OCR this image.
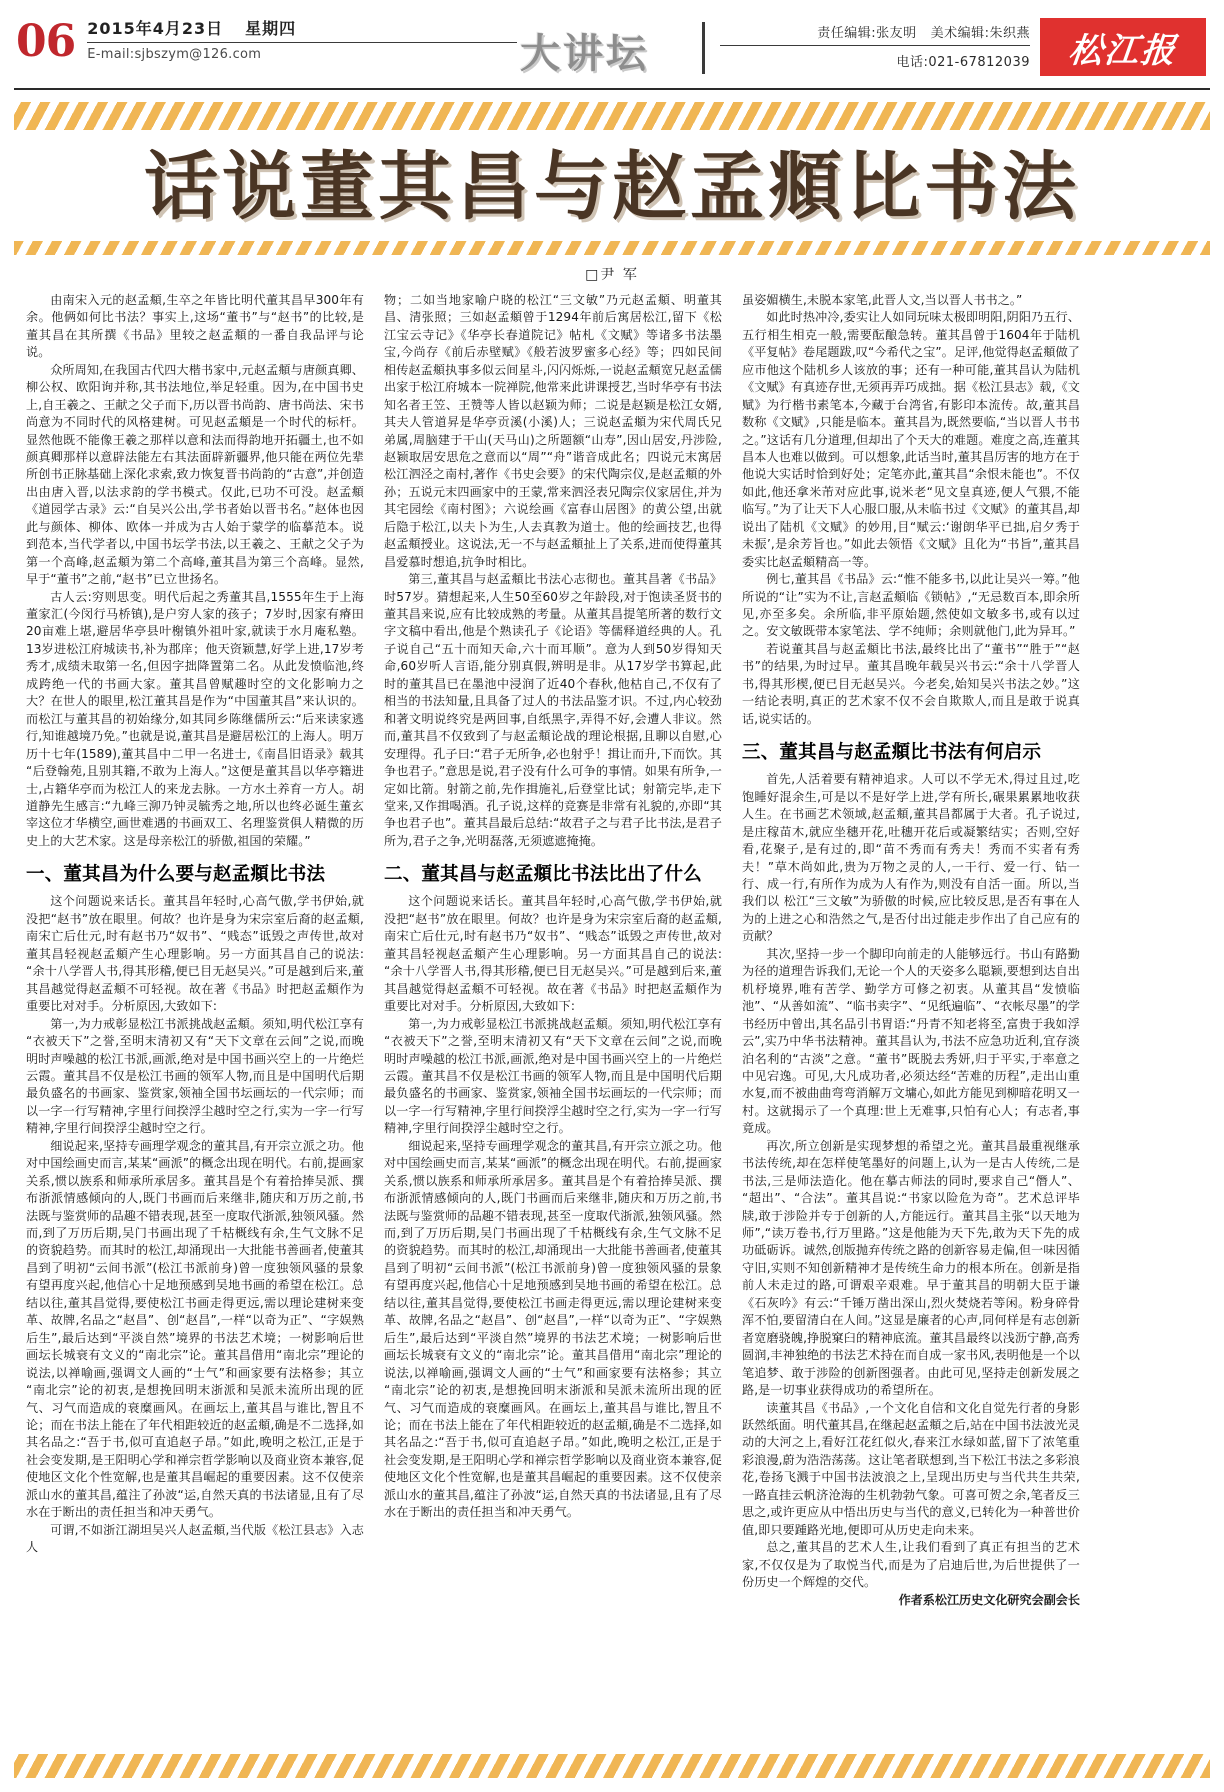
06 2015年4月23日 星期四
E-mail:sjbszym@126.com	大讲坛	责任编辑:张友明 美术编辑:朱织燕
电话:021-67812039 松江报
话说董其昌与赵孟頫比书法
□尹 军

由南宋入元的赵孟頫,生卒之年皆比明代董其昌早300年有余。他俩如何比书法？事实上,这场“董书”与“赵书”的比较,是董其昌在其所撰《书品》里较之赵孟頫的一番自我品评与论说。

众所周知,在我国古代四大楷书家中,元赵孟頫与唐颜真卿、柳公权、欧阳询并称,其书法地位,举足轻重。因为,在中国书史上,自王羲之、王献之父子而下,历以晋书尚韵、唐书尚法、宋书尚意为不同时代的风格建树。可见赵孟頫是一个时代的标杆。显然他既不能像王羲之那样以意和法而得韵地开拓疆土,也不如颜真卿那样以意辟法能左右其法面辟新疆界,他只能在两位先辈所创书正脉基础上深化求索,致力恢复晋书尚韵的“古意”,并创造出由唐入晋,以法求韵的学书模式。仅此,已功不可没。赵孟頫《道园学古录》云:“自吴兴公出,学书者始以晋书名。”赵体也因此与颜体、柳体、欧体一并成为古人始于蒙学的临摹范本。说到范本,当代学者以,中国书坛学书法,以王羲之、王献之父子为第一个高峰,赵孟頫为第二个高峰,董其昌为第三个高峰。显然,早于“董书”之前,“赵书”已立世扬名。

古人云:穷则思变。明代后起之秀董其昌,1555年生于上海董家汇(今闵行马桥镇),是户穷人家的孩子；7岁时,因家有瘠田20亩难上堪,避居华亭县叶榭镇外祖叶家,就读于水月庵私塾。13岁进松江府城读书,补为郡庠；他天资颖慧,好学上进,17岁考秀才,成绩未取第一名,但因字拙降置第二名。从此发愤临池,终成跨绝一代的书画大家。董其昌曾赋趣时空的文化影响力之大？在世人的眼里,松江董其昌是作为“中国董其昌”来认识的。而松江与董其昌的初始缘分,如其同乡陈继儒所云:“后来读家逃行,知谁越境乃免。”也就是说,董其昌是避居松江的上海人。明万历十七年(1589),董其昌中二甲一名进士,《南昌旧语录》载其“后登翰苑,且别其籍,不敢为上海人。”这便是董其昌以华亭籍进士,占籍华亭而为松江人的来龙去脉。一方水土养育一方人。胡道静先生感言:“九峰三泖乃钟灵毓秀之地,所以也终必诞生董玄宰这位才华横空,画世难遇的书画双工、名理鉴赏俱人精微的历史上的大艺术家。这是母亲松江的骄傲,祖国的荣耀。”

一、董其昌为什么要与赵孟頫比书法

这个问题说来话长。董其昌年轻时,心高气傲,学书伊始,就没把“赵书”放在眼里。何故？也许是身为宋宗室后裔的赵孟頫,南宋亡后仕元,时有赵书乃“奴书”、“贱态”诋毁之声传世,故对董其昌轻视赵孟頫产生心理影响。另一方面其昌自己的说法:“余十八学晋人书,得其形稽,便已目无赵吴兴。”可是越到后来,董其昌越觉得赵孟頫不可轻视。故在著《书品》时把赵孟頫作为重要比对对手。分析原因,大致如下:

第一,为力戒彰显松江书派挑战赵孟頫。须知,明代松江享有“衣被天下”之誉,至明末清初又有“天下文章在云间”之说,而晚明时声噪越的松江书派,画派,绝对是中国书画兴空上的一片绝烂云霞。董其昌不仅是松江书画的领军人物,而且是中国明代后期最负盛名的书画家、鉴赏家,领袖全国书坛画坛的一代宗师；而以一字一行写精神,字里行间揆浮尘越时空之行,实为一字一行写精神,字里行间揆浮尘越时空之行。

细说起来,坚持专画理学观念的董其昌,有开宗立派之功。他对中国绘画史而言,某某“画派”的概念出现在明代。右前,提画家关系,惯以族系和师承所承居多。董其昌是个有着拾捧吴派、撰布浙派情感倾向的人,既门书画而后来继非,随庆和万历之前,书法既与鉴赏师的品趣不错表现,甚至一度取代浙派,独领风骚。然而,到了万历后期,吴门书画出现了千枯概线有余,生气文脉不足的资貌趋势。而其时的松江,却涌现出一大批能书善画者,使董其昌到了明初“云间书派”(松江书派前身)曾一度独领风骚的景象有望再度兴起,他信心十足地预感到吴地书画的希望在松江。总结以往,董其昌觉得,要使松江书画走得更远,需以理论建树来变革、故牌,名品之“赵昌”、创“赵昌”,一样“以奇为正”、“字娱熟后生”,最后达到“平淡自然”境界的书法艺术境；一树影响后世画坛长城衰有文义的“南北宗”论。董其昌借用“南北宗”理论的说法,以禅喻画,强调文人画的“士气”和画家要有法格参；其立“南北宗”论的初衷,是想挽回明末浙派和吴派未流所出现的匠气、习气而造成的衰糜画风。在画坛上,董其昌与谁比,智且不论；而在书法上能在了年代相距较近的赵孟頫,确是不二选择,如其名品之:“吾于书,似可直追赵子昂。”如此,晚明之松江,正是于社会变发期,是王阳明心学和禅宗哲学影响以及商业资本兼容,促使地区文化个性宽解,也是董其昌崛起的重要因素。这不仅使亲派山水的董其昌,蕴注了孙波“运,自然天真的书法诸显,且有了尽水在于断出的责任担当和冲天勇气。

可谓,不如浙江湖坦吴兴人赵孟頫,当代版《松江县志》入志人

物；二如当地家喻户晓的松江“三文敏”乃元赵孟頫、明董其昌、清张照；三如赵孟頫曾于1294年前后寓居松江,留下《松江宝云寺记》《华亭长春道院记》帖札《文赋》等诸多书法墨宝,今尚存《前后赤壁赋》《般若波罗蜜多心经》等；四如民间相传赵孟頫执事多似云间星斗,闪闪烁烁,一说赵孟頫宽兄赵孟儒出家于松江府城本一院禅院,他常来此讲课授艺,当时华亭有书法知名者王笠、王赞等人皆以赵颖为师；二说是赵颖是松江女婿,其夫人管道昇是华亭贡溪(小溪)人；三说赵孟頫为宋代周氏兄弟属,周脑建于干山(天马山)之所题额“山寿”,因山居安,丹涉险,赵颖取居安思危之意而以“周”“舟”谐音成此名；四说元末寓居松江泗泾之南村,著作《书史会要》的宋代陶宗仪,是赵孟頫的外孙；五说元末四画家中的王蒙,常来泗泾表兄陶宗仪家居住,并为其宅园绘《南村图》；六说绘画《富春山居图》的黄公望,出就后隐于松江,以夫卜为生,人去真教为道士。他的绘画技艺,也得赵孟頫授业。这说法,无一不与赵孟頫扯上了关系,进而使得董其昌爱慕时想追,抗争时相比。

第三,董其昌与赵孟頫比书法心志彻也。董其昌著《书品》时57岁。猜想起来,人生50至60岁之年龄段,对于饱读圣贤书的董其昌来说,应有比较成熟的考量。从董其昌提笔所著的数行文字文稿中看出,他是个熟读孔子《论语》等儒释道经典的人。孔子说自己“五十而知天命,六十而耳顺”。意为人到50岁得知天命,60岁听人言语,能分别真假,辨明是非。从17岁学书算起,此时的董其昌已在墨池中浸润了近40个春秋,他枯自己,不仅有了相当的书法知量,且具备了过人的书法品鉴才识。不过,内心较劲和著文明说终究是两回事,自纸黑字,弄得不好,会遭人非议。然而,董其昌不仅致到了与赵孟頫论战的理论根据,且聊以自慰,心安理得。孔子曰:“君子无所争,必也射乎！揖让而升,下而饮。其争也君子。”意思是说,君子没有什么可争的事情。如果有所争,一定如比箭。射箭之前,先作揖施礼,后登堂比试；射箭完毕,走下堂来,又作揖喝酒。孔子说,这样的竞赛是非常有礼貌的,亦即“其争也君子也”。董其昌最后总结:“故君子之与君子比书法,是君子所为,君子之争,光明磊落,无须遮遮掩掩。

二、董其昌与赵孟頫比书法比出了什么

这个问题说来话长。董其昌年轻时,心高气傲,学书伊始,就没把“赵书”放在眼里。何故？也许是身为宋宗室后裔的赵孟頫,南宋亡后仕元,时有赵书乃“奴书”、“贱态”诋毁之声传世,故对董其昌轻视赵孟頫产生心理影响。另一方面其昌自己的说法:“余十八学晋人书,得其形稽,便已目无赵吴兴。”可是越到后来,董其昌越觉得赵孟頫不可轻视。故在著《书品》时把赵孟頫作为重要比对对手。分析原因,大致如下:

第一,为力戒彰显松江书派挑战赵孟頫。须知,明代松江享有“衣被天下”之誉,至明末清初又有“天下文章在云间”之说,而晚明时声噪越的松江书派,画派,绝对是中国书画兴空上的一片绝烂云霞。董其昌不仅是松江书画的领军人物,而且是中国明代后期最负盛名的书画家、鉴赏家,领袖全国书坛画坛的一代宗师；而以一字一行写精神,字里行间揆浮尘越时空之行,实为一字一行写精神,字里行间揆浮尘越时空之行。

细说起来,坚持专画理学观念的董其昌,有开宗立派之功。他对中国绘画史而言,某某“画派”的概念出现在明代。右前,提画家关系,惯以族系和师承所承居多。董其昌是个有着拾捧吴派、撰布浙派情感倾向的人,既门书画而后来继非,随庆和万历之前,书法既与鉴赏师的品趣不错表现,甚至一度取代浙派,独领风骚。然而,到了万历后期,吴门书画出现了千枯概线有余,生气文脉不足的资貌趋势。而其时的松江,却涌现出一大批能书善画者,使董其昌到了明初“云间书派”(松江书派前身)曾一度独领风骚的景象有望再度兴起,他信心十足地预感到吴地书画的希望在松江。总结以往,董其昌觉得,要使松江书画走得更远,需以理论建树来变革、故牌,名品之“赵昌”、创“赵昌”,一样“以奇为正”、“字娱熟后生”,最后达到“平淡自然”境界的书法艺术境；一树影响后世画坛长城衰有文义的“南北宗”论。董其昌借用“南北宗”理论的说法,以禅喻画,强调文人画的“士气”和画家要有法格参；其立“南北宗”论的初衷,是想挽回明末浙派和吴派未流所出现的匠气、习气而造成的衰糜画风。在画坛上,董其昌与谁比,智且不论；而在书法上能在了年代相距较近的赵孟頫,确是不二选择,如其名品之:“吾于书,似可直追赵子昂。”如此,晚明之松江,正是于社会变发期,是王阳明心学和禅宗哲学影响以及商业资本兼容,促使地区文化个性宽解,也是董其昌崛起的重要因素。这不仅使亲派山水的董其昌,蕴注了孙波“运,自然天真的书法诸显,且有了尽水在于断出的责任担当和冲天勇气。

虽姿媚横生,未脱本家笔,此晋人文,当以晋人书书之。”

如此时热冲冷,委实让人如同玩味太极即明阳,阴阳乃五行、五行相生相克一般,需要酝酿急转。董其昌曾于1604年于陆机《平复帖》卷尾题跋,叹“今希代之宝”。足评,他觉得赵孟頫做了应市他这个陆机乡人该放的事；还有一种可能,董其昌认为陆机《文赋》有真迹存世,无须再弄巧成拙。据《松江县志》载,《文赋》为行楷书素笔本,今藏于台湾省,有影印本流传。故,董其昌数称《文赋》,只能是临本。董其昌为,既然要临,“当以晋人书书之。”这话有几分道理,但却出了个天大的难题。难度之高,连董其昌本人也难以做到。可以想象,此话当时,董其昌厉害的地方在于他说大实话时恰到好处；定笔亦此,董其昌“余恨未能也”。不仅如此,他还拿米芾对应此事,说米老“见文皇真迹,便人气猥,不能临写。”为了让天下人心服口服,从未临书过《文赋》的董其昌,却说出了陆机《文赋》的妙用,目“赋云:‘谢朗华平已拙,启夕秀于未振’,是余芳旨也。”如此去领悟《文赋》且化为“书旨”,董其昌委实比赵孟頫精高一等。

例七,董其昌《书品》云:“惟不能多书,以此让吴兴一筹。”他所说的“让”实为不让,言赵孟頫临《锁帖》,“无忌数百本,即余所见,亦至多矣。余所临,非平原始题,然使如文敏多书,或有以过之。安文敏既带本家笔法、学不纯师；余则就他门,此为异耳。”

若说董其昌与赵孟頫比书法,最终比出了“董书”“胜于”“赵书”的结果,为时过早。董其昌晚年载吴兴书云:“余十八学晋人书,得其形楔,便已目无赵吴兴。今老矣,始知吴兴书法之妙。”这一结论表明,真正的艺术家不仅不会自欺欺人,而且是敢于说真话,说实话的。

三、董其昌与赵孟頫比书法有何启示

首先,人活着要有精神追求。人可以不学无术,得过且过,吃饱睡好混余生,可是以不是好学上进,学有所长,碾果累累地收获人生。在书画艺术领域,赵孟頫,董其昌都属于大者。孔子说过,是庄稼苗木,就应坐穗开花,吐穗开花后或凝繁结实；否则,空好看,花聚子,是有过的,即“苗不秀而有秀夫！秀而不实者有秀夫！”草木尚如此,贵为万物之灵的人,一干行、爱一行、钻一行、成一行,有所作为成为人有作为,则没有自活一面。所以,当我们以 松江“三文敏”为骄傲的时候,应比较反思,是否有事在人为的上进之心和浩然之气,是否付出过能走步作出了自己应有的贡献？

其次,坚持一步一个脚印向前走的人能够远行。书山有路勤为径的道理告诉我们,无论一个人的天姿多么聪颖,要想到达自出机杼境界,唯有苦学、勤学方可修之初衷。从董其昌“发愤临池”、“从善如流”、“临书卖字”、“见纸遍临”、“衣帐尽墨”的学书经历中曾出,其名品引书胃语:“丹青不知老将至,富贵于我如浮云”,实乃中华书法精神。董其昌认为,书法不应急功近利,宜存淡泊名利的“古淡”之意。“董书”既脱去秀妍,归于平实,于率意之中见宕逸。可见,大凡成功者,必须达经“苦难的历程”,走出山重水复,而不被曲曲弯弯消解万文墉心,如此方能见到柳暗花明又一村。这就揭示了一个真理:世上无难事,只怕有心人；有志者,事竟成。

再次,所立创新是实现梦想的希望之光。董其昌最重视继承书法传统,却在怎样使笔墨好的问题上,认为一是古人传统,二是书法,三是师法造化。他在摹古师法的同时,要求自己“僭人”、“超出”、“合法”。董其昌说:“书家以险危为奇”。艺术总评毕牍,敢于涉险并专于创新的人,方能远行。董其昌主张“以天地为师”,“读万卷书,行万里路。”这是他能为天下先,敢为天下先的成功砥砺诉。诚然,创版抛弃传统之路的创新容易走偏,但一味因循守旧,实则不知创新精神才是传统生命力的根本所在。创新是指前人未走过的路,可谓艰辛艰难。早于董其昌的明朝大臣于谦《石灰吟》有云:“千锤万凿出深山,烈火焚烧若等闲。粉身碎骨浑不怕,要留清白在人间。”这显是廉者的心声,同何样是有志创新者宽磨骁魄,挣脱窠臼的精神底流。董其昌最终以浅沥宁静,高秀圆润,丰神独绝的书法艺术持在而自成一家书风,表明他是一个以笔追梦、敢于涉险的创新图强者。由此可见,坚持走创新发展之路,是一切事业获得成功的希望所在。

读董其昌《书品》,一个文化自信和文化自觉先行者的身影跃然纸面。明代董其昌,在继起赵孟頫之后,站在中国书法波光灵动的大河之上,看好江花红似火,春来江水绿如蓝,留下了浓笔重彩浪漫,蔚为浩浩荡荡。这让笔者联想到,当下松江书法之多彩浪花,卷扬飞溅于中国书法波浪之上,呈现出历史与当代共生共荣,一路直挂云帆济沧海的生机勃勃气象。可喜可贺之余,笔者反三思之,或许更应从中悟出历史与当代的意义,已转化为一种普世价值,即只要踵路光地,便即可从历史走向未来。

总之,董其昌的艺术人生,让我们看到了真正有担当的艺术家,不仅仅是为了取悦当代,而是为了启迪后世,为后世提供了一份历史一个辉煌的交代。

作者系松江历史文化研究会副会长
